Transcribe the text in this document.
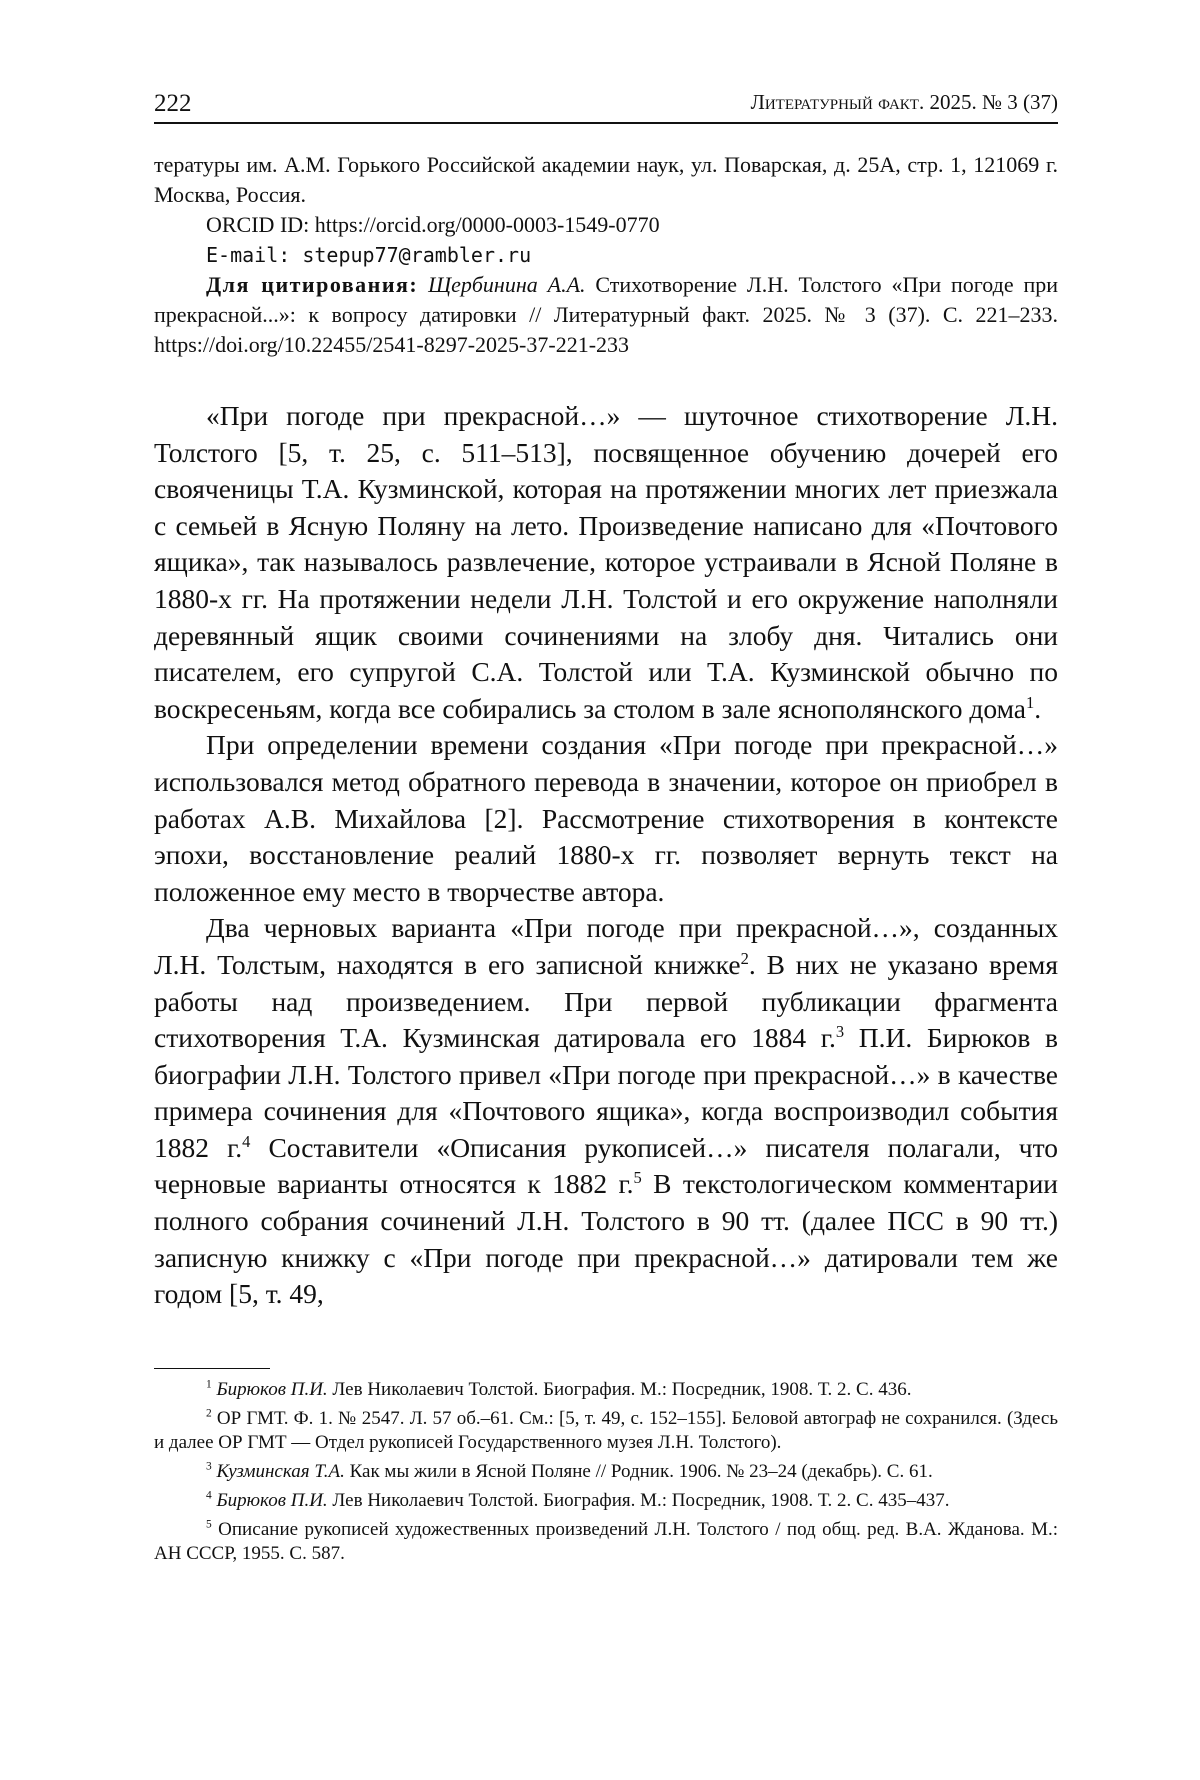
222	Литературный факт. 2025. № 3 (37)

тературы им. А.М. Горького Российской академии наук, ул. Поварская, д. 25А, стр. 1, 121069 г. Москва, Россия.

ORCID ID: https://orcid.org/0000-0003-1549-0770

E-mail: stepup77@rambler.ru

Для цитирования: Щербинина А.А. Стихотворение Л.Н. Толстого «При погоде при прекрасной...»: к вопросу датировки // Литературный факт. 2025. № 3 (37). С. 221–233. https://doi.org/10.22455/2541-8297-2025-37-221-233

«При погоде при прекрасной…» — шуточное стихотворение Л.Н. Толстого [5, т. 25, с. 511–513], посвященное обучению дочерей его свояченицы Т.А. Кузминской, которая на протяжении многих лет приезжала с семьей в Ясную Поляну на лето. Произведение написано для «Почтового ящика», так называлось развлечение, которое устраивали в Ясной Поляне в 1880-х гг. На протяжении недели Л.Н. Толстой и его окружение наполняли деревянный ящик своими сочинениями на злобу дня. Читались они писателем, его супругой С.А. Толстой или Т.А. Кузминской обычно по воскресеньям, когда все собирались за столом в зале яснополянского дома$^1$.

При определении времени создания «При погоде при прекрасной…» использовался метод обратного перевода в значении, которое он приобрел в работах А.В. Михайлова [2]. Рассмотрение стихотворения в контексте эпохи, восстановление реалий 1880-х гг. позволяет вернуть текст на положенное ему место в творчестве автора.

Два черновых варианта «При погоде при прекрасной…», созданных Л.Н. Толстым, находятся в его записной книжке$^2$. В них не указано время работы над произведением. При первой публикации фрагмента стихотворения Т.А. Кузминская датировала его 1884 г.$^3$ П.И. Бирюков в биографии Л.Н. Толстого привел «При погоде при прекрасной…» в качестве примера сочинения для «Почтового ящика», когда воспроизводил события 1882 г.$^4$ Составители «Описания рукописей…» писателя полагали, что черновые варианты относятся к 1882 г.$^5$ В текстологическом комментарии полного собрания сочинений Л.Н. Толстого в 90 тт. (далее ПСС в 90 тт.) записную книжку с «При погоде при прекрасной…» датировали тем же годом [5, т. 49,

$^1$ Бирюков П.И. Лев Николаевич Толстой. Биография. М.: Посредник, 1908. Т. 2. С. 436.

$^2$ ОР ГМТ. Ф. 1. № 2547. Л. 57 об.–61. См.: [5, т. 49, с. 152–155]. Беловой автограф не сохранился. (Здесь и далее ОР ГМТ — Отдел рукописей Государственного музея Л.Н. Толстого).

$^3$ Кузминская Т.А. Как мы жили в Ясной Поляне // Родник. 1906. № 23–24 (декабрь). С. 61.

$^4$ Бирюков П.И. Лев Николаевич Толстой. Биография. М.: Посредник, 1908. Т. 2. С. 435–437.

$^5$ Описание рукописей художественных произведений Л.Н. Толстого / под общ. ред. В.А. Жданова. М.: АН СССР, 1955. С. 587.
